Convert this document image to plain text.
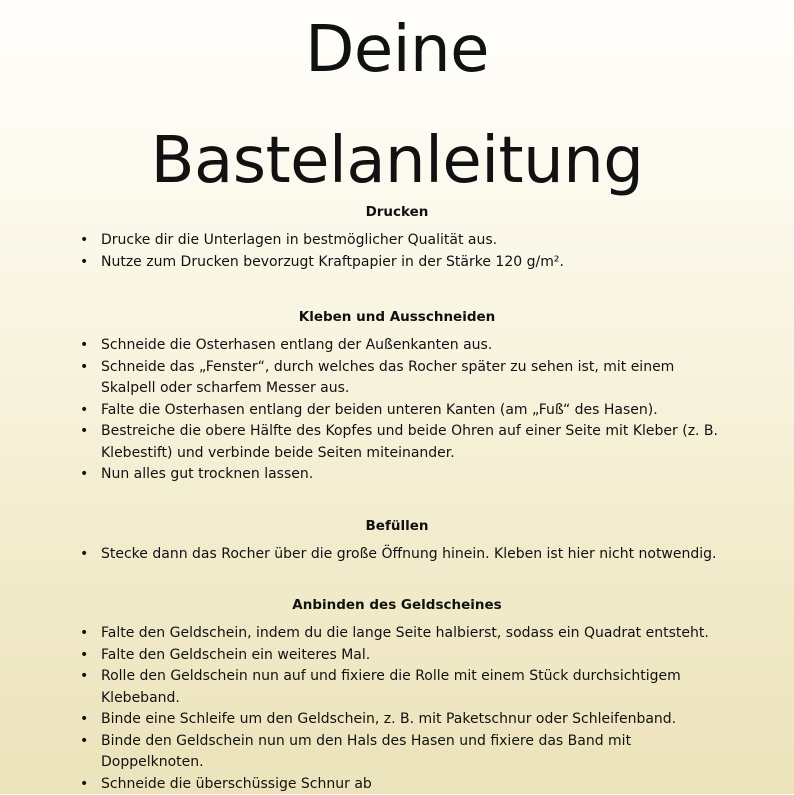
Deine
Bastelanleitung
Drucken
• Drucke dir die Unterlagen in bestmöglicher Qualität aus.
• Nutze zum Drucken bevorzugt Kraftpapier in der Stärke 120 g/m².
Kleben und Ausschneiden
• Schneide die Osterhasen entlang der Außenkanten aus.
• Schneide das „Fenster“, durch welches das Rocher später zu sehen ist, mit einem Skalpell oder scharfem Messer aus.
• Falte die Osterhasen entlang der beiden unteren Kanten (am „Fuß“ des Hasen).
• Bestreiche die obere Hälfte des Kopfes und beide Ohren auf einer Seite mit Kleber (z. B. Klebestift) und verbinde beide Seiten miteinander.
• Nun alles gut trocknen lassen.
Befüllen
• Stecke dann das Rocher über die große Öffnung hinein. Kleben ist hier nicht notwendig.
Anbinden des Geldscheines
• Falte den Geldschein, indem du die lange Seite halbierst, sodass ein Quadrat entsteht.
• Falte den Geldschein ein weiteres Mal.
• Rolle den Geldschein nun auf und fixiere die Rolle mit einem Stück durchsichtigem Klebeband.
• Binde eine Schleife um den Geldschein, z. B. mit Paketschnur oder Schleifenband.
• Binde den Geldschein nun um den Hals des Hasen und fixiere das Band mit Doppelknoten.
• Schneide die überschüssige Schnur ab
